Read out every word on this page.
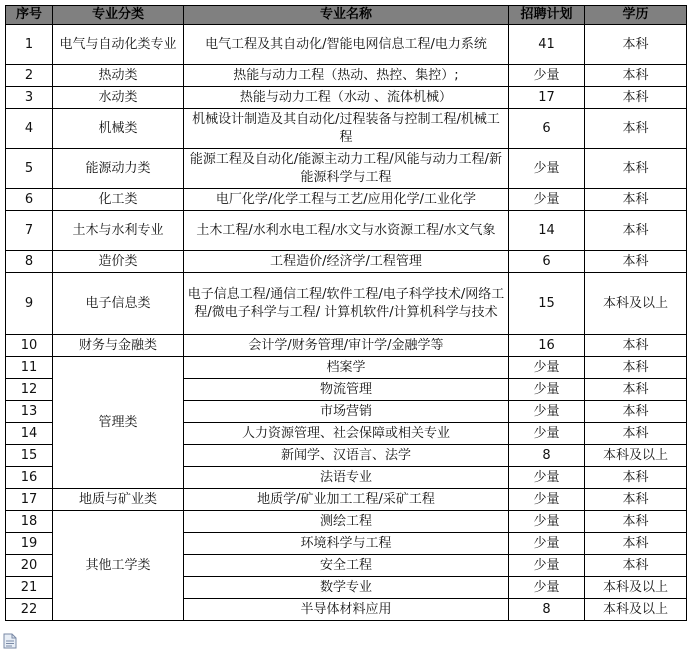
序号	专业分类	专业名称	招聘计划	学历
1	电气与自动化类专业	电气工程及其自动化/智能电网信息工程/电力系统	41	本科
2	热动类	热能与动力工程（热动、热控、集控）;	少量	本科
3	水动类	热能与动力工程（水动 、流体机械）	17	本科
4	机械类	机械设计制造及其自动化/过程装备与控制工程/机械工程	6	本科
5	能源动力类	能源工程及自动化/能源主动力工程/风能与动力工程/新能源科学与工程	少量	本科
6	化工类	电厂化学/化学工程与工艺/应用化学/工业化学	少量	本科
7	土木与水利专业	土木工程/水利水电工程/水文与水资源工程/水文气象	14	本科
8	造价类	工程造价/经济学/工程管理	6	本科
9	电子信息类	电子信息工程/通信工程/软件工程/电子科学技术/网络工程/微电子科学与工程/ 计算机软件/计算机科学与技术	15	本科及以上
10	财务与金融类	会计学/财务管理/审计学/金融学等	16	本科
11	管理类	档案学	少量	本科
12		物流管理	少量	本科
13		市场营销	少量	本科
14		人力资源管理、社会保障或相关专业	少量	本科
15		新闻学、汉语言、法学	8	本科及以上
16		法语专业	少量	本科
17	地质与矿业类	地质学/矿业加工工程/采矿工程	少量	本科
18	其他工学类	测绘工程	少量	本科
19		环境科学与工程	少量	本科
20		安全工程	少量	本科
21		数学专业	少量	本科及以上
22		半导体材料应用	8	本科及以上
